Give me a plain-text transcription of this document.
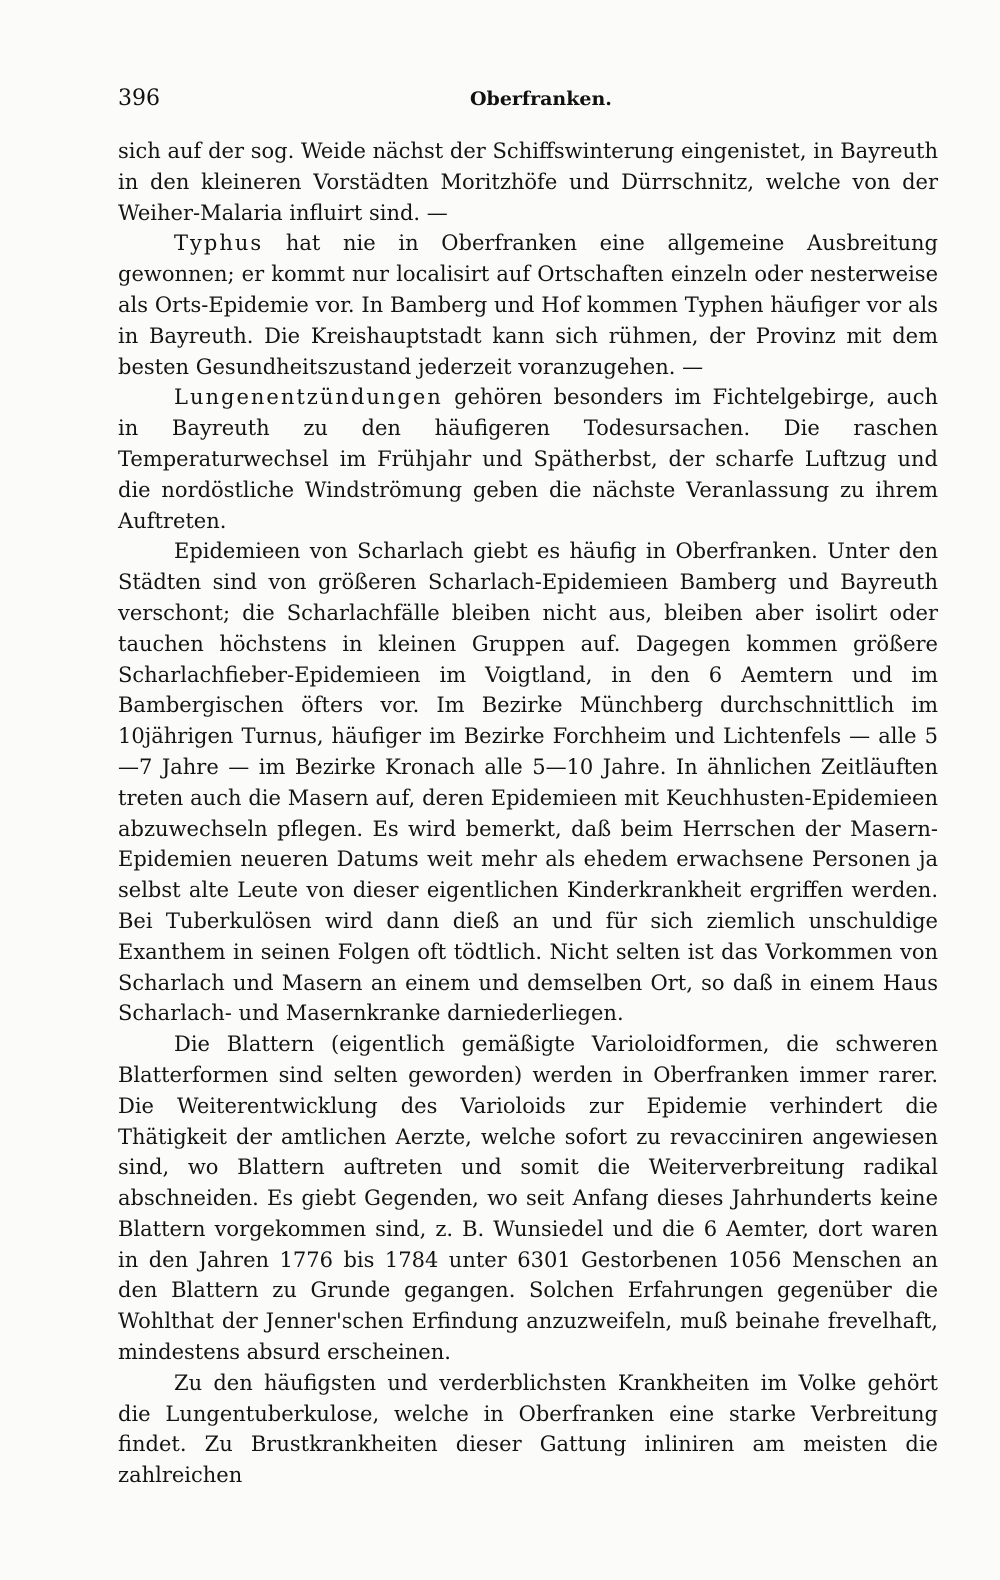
396	Oberfranken.

sich auf der sog. Weide nächst der Schiffswinterung eingenistet, in Bayreuth in den kleineren Vorstädten Moritzhöfe und Dürrschnitz, welche von der Weiher-Malaria influirt sind. —

Typhus hat nie in Oberfranken eine allgemeine Ausbreitung gewonnen; er kommt nur localisirt auf Ortschaften einzeln oder nesterweise als Orts-Epidemie vor. In Bamberg und Hof kommen Typhen häufiger vor als in Bayreuth. Die Kreishauptstadt kann sich rühmen, der Provinz mit dem besten Gesundheitszustand jederzeit voranzugehen. —

Lungenentzündungen gehören besonders im Fichtelgebirge, auch in Bayreuth zu den häufigeren Todesursachen. Die raschen Temperaturwechsel im Frühjahr und Spätherbst, der scharfe Luftzug und die nordöstliche Windströmung geben die nächste Veranlassung zu ihrem Auftreten.

Epidemieen von Scharlach giebt es häufig in Oberfranken. Unter den Städten sind von größeren Scharlach-Epidemieen Bamberg und Bayreuth verschont; die Scharlachfälle bleiben nicht aus, bleiben aber isolirt oder tauchen höchstens in kleinen Gruppen auf. Dagegen kommen größere Scharlachfieber-Epidemieen im Voigtland, in den 6 Aemtern und im Bambergischen öfters vor. Im Bezirke Münchberg durchschnittlich im 10jährigen Turnus, häufiger im Bezirke Forchheim und Lichtenfels — alle 5—7 Jahre — im Bezirke Kronach alle 5—10 Jahre. In ähnlichen Zeitläuften treten auch die Masern auf, deren Epidemieen mit Keuchhusten-Epidemieen abzuwechseln pflegen. Es wird bemerkt, daß beim Herrschen der Masern-Epidemien neueren Datums weit mehr als ehedem erwachsene Personen ja selbst alte Leute von dieser eigentlichen Kinderkrankheit ergriffen werden. Bei Tuberkulösen wird dann dieß an und für sich ziemlich unschuldige Exanthem in seinen Folgen oft tödtlich. Nicht selten ist das Vorkommen von Scharlach und Masern an einem und demselben Ort, so daß in einem Haus Scharlach- und Masernkranke darniederliegen.

Die Blattern (eigentlich gemäßigte Varioloidformen, die schweren Blatterformen sind selten geworden) werden in Oberfranken immer rarer. Die Weiterentwicklung des Varioloids zur Epidemie verhindert die Thätigkeit der amtlichen Aerzte, welche sofort zu revacciniren angewiesen sind, wo Blattern auftreten und somit die Weiterverbreitung radikal abschneiden. Es giebt Gegenden, wo seit Anfang dieses Jahrhunderts keine Blattern vorgekommen sind, z. B. Wunsiedel und die 6 Aemter, dort waren in den Jahren 1776 bis 1784 unter 6301 Gestorbenen 1056 Menschen an den Blattern zu Grunde gegangen. Solchen Erfahrungen gegenüber die Wohlthat der Jenner'schen Erfindung anzuzweifeln, muß beinahe frevelhaft, mindestens absurd erscheinen.

Zu den häufigsten und verderblichsten Krankheiten im Volke gehört die Lungentuberkulose, welche in Oberfranken eine starke Verbreitung findet. Zu Brustkrankheiten dieser Gattung inliniren am meisten die zahlreichen
